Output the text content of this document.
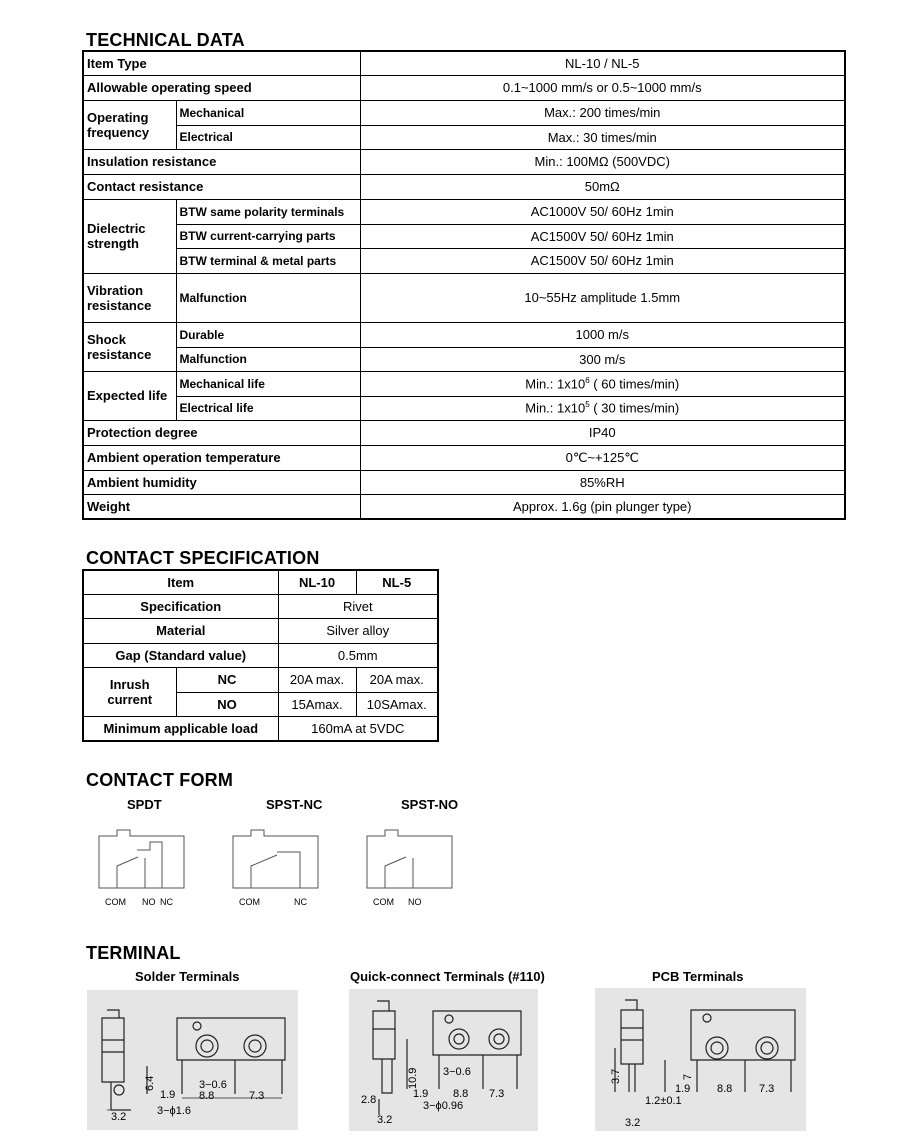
TECHNICAL DATA
Item Type		NL-10 / NL-5
Allowable operating speed		0.1~1000 mm/s or 0.5~1000 mm/s
Operating frequency	Mechanical	Max.: 200 times/min
	Electrical	Max.: 30 times/min
Insulation resistance		Min.: 100MΩ (500VDC)
Contact resistance		50mΩ
Dielectric strength	BTW same polarity terminals	AC1000V 50/ 60Hz 1min
	BTW current-carrying parts	AC1500V 50/ 60Hz 1min
	BTW terminal & metal parts	AC1500V 50/ 60Hz 1min
Vibration resistance	Malfunction	10~55Hz amplitude 1.5mm
Shock resistance	Durable	1000 m/s
	Malfunction	300 m/s
Expected life	Mechanical life	Min.: $1x10^6$ ( 60 times/min)
	Electrical life	Min.: $1x10^5$ ( 30 times/min)
Protection degree		IP40
Ambient operation temperature		0℃~+125℃
Ambient humidity		85%RH
Weight		Approx. 1.6g (pin plunger type)
CONTACT SPECIFICATION
Item		NL-10	NL-5
Specification		Rivet	
Material		Silver alloy	
Gap (Standard value)		0.5mm	
Inrush current	NC	20A max.	20A max.
	NO	15Amax.	10SAmax.
Minimum applicable load		160mA at 5VDC	
CONTACT FORM
SPDT	SPST-NC	SPST-NO
COM NO NC	COM	NC	COM NO
TERMINAL
Solder Terminals	Quick-connect Terminals (#110)	PCB Terminals
6.4
1.9
3−0.6
8.8	7.3
3.2	3−ϕ1.6
10.9 3−0.6
1.9 8.8 7.3
2.8	3−ϕ0.96
3.2
3.7	7
1.9 8.8 7.3
1.2±0.1
3.2
